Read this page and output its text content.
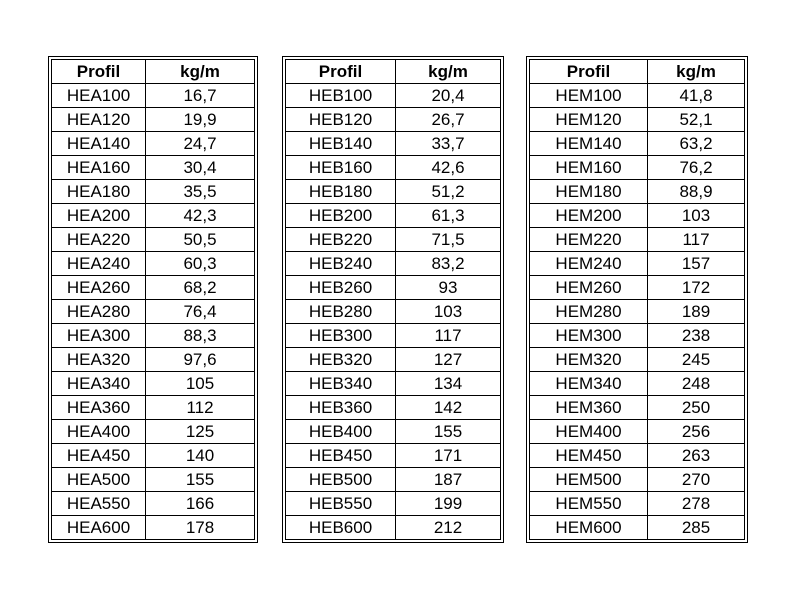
Profil	kg/m
HEA100	16,7
HEA120	19,9
HEA140	24,7
HEA160	30,4
HEA180	35,5
HEA200	42,3
HEA220	50,5
HEA240	60,3
HEA260	68,2
HEA280	76,4
HEA300	88,3
HEA320	97,6
HEA340	105
HEA360	112
HEA400	125
HEA450	140
HEA500	155
HEA550	166
HEA600	178
Profil	kg/m
HEB100	20,4
HEB120	26,7
HEB140	33,7
HEB160	42,6
HEB180	51,2
HEB200	61,3
HEB220	71,5
HEB240	83,2
HEB260	93
HEB280	103
HEB300	117
HEB320	127
HEB340	134
HEB360	142
HEB400	155
HEB450	171
HEB500	187
HEB550	199
HEB600	212
Profil	kg/m
HEM100	41,8
HEM120	52,1
HEM140	63,2
HEM160	76,2
HEM180	88,9
HEM200	103
HEM220	117
HEM240	157
HEM260	172
HEM280	189
HEM300	238
HEM320	245
HEM340	248
HEM360	250
HEM400	256
HEM450	263
HEM500	270
HEM550	278
HEM600	285
